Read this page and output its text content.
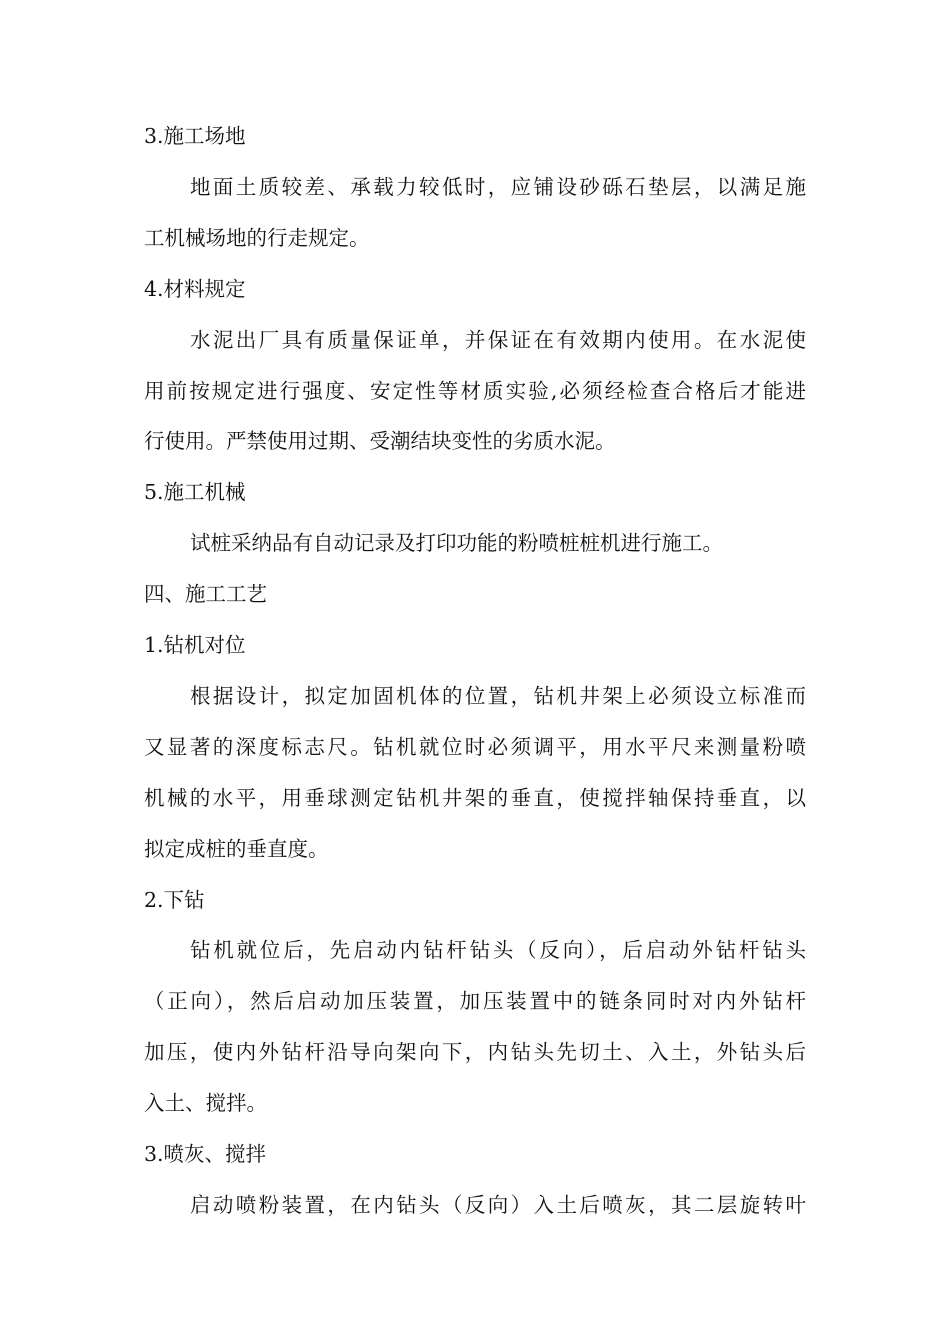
3.施工场地
地面土质较差、承载力较低时，应铺设砂砾石垫层，以满足施
工机械场地的行走规定。
4.材料规定
水泥出厂具有质量保证单，并保证在有效期内使用。在水泥使
用前按规定进行强度、安定性等材质实验,必须经检查合格后才能进
行使用。严禁使用过期、受潮结块变性的劣质水泥。
5.施工机械
试桩采纳品有自动记录及打印功能的粉喷桩桩机进行施工。
四、施工工艺
1.钻机对位
根据设计，拟定加固机体的位置，钻机井架上必须设立标准而
又显著的深度标志尺。钻机就位时必须调平，用水平尺来测量粉喷
机械的水平，用垂球测定钻机井架的垂直，使搅拌轴保持垂直，以
拟定成桩的垂直度。
2.下钻
钻机就位后，先启动内钻杆钻头（反向），后启动外钻杆钻头
（正向），然后启动加压装置，加压装置中的链条同时对内外钻杆
加压，使内外钻杆沿导向架向下，内钻头先切土、入土，外钻头后
入土、搅拌。
3.喷灰、搅拌
启动喷粉装置，在内钻头（反向）入土后喷灰，其二层旋转叶
